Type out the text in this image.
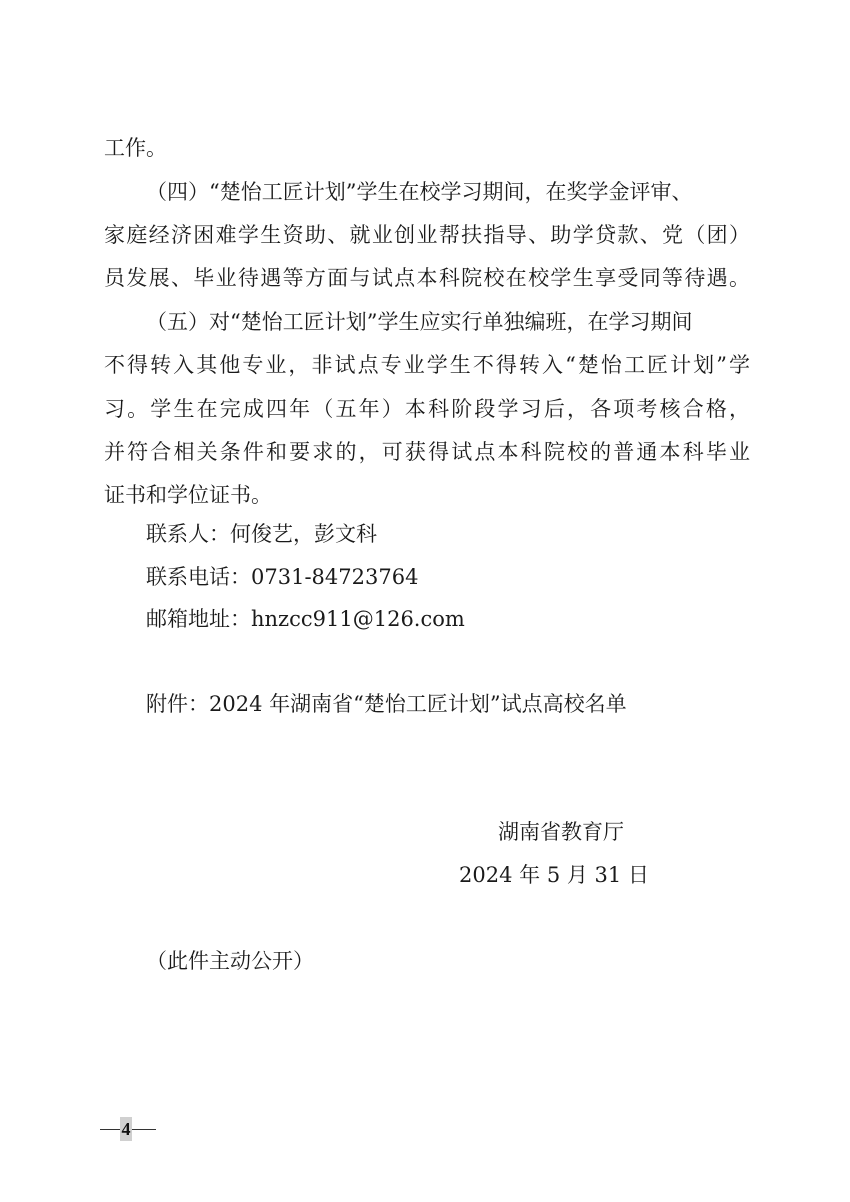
工作。

（四）“楚怡工匠计划”学生在校学习期间，在奖学金评审、

家庭经济困难学生资助、就业创业帮扶指导、助学贷款、党（团）

员发展、毕业待遇等方面与试点本科院校在校学生享受同等待遇。

（五）对“楚怡工匠计划”学生应实行单独编班，在学习期间

不得转入其他专业，非试点专业学生不得转入“楚怡工匠计划”学

习。学生在完成四年（五年）本科阶段学习后，各项考核合格，

并符合相关条件和要求的，可获得试点本科院校的普通本科毕业

证书和学位证书。

联系人：何俊艺，彭文科

联系电话：0731-84723764

邮箱地址：hnzcc911@126.com

附件：2024 年湖南省“楚怡工匠计划”试点高校名单

湖南省教育厅

2024 年 5 月 31 日

（此件主动公开）

4
